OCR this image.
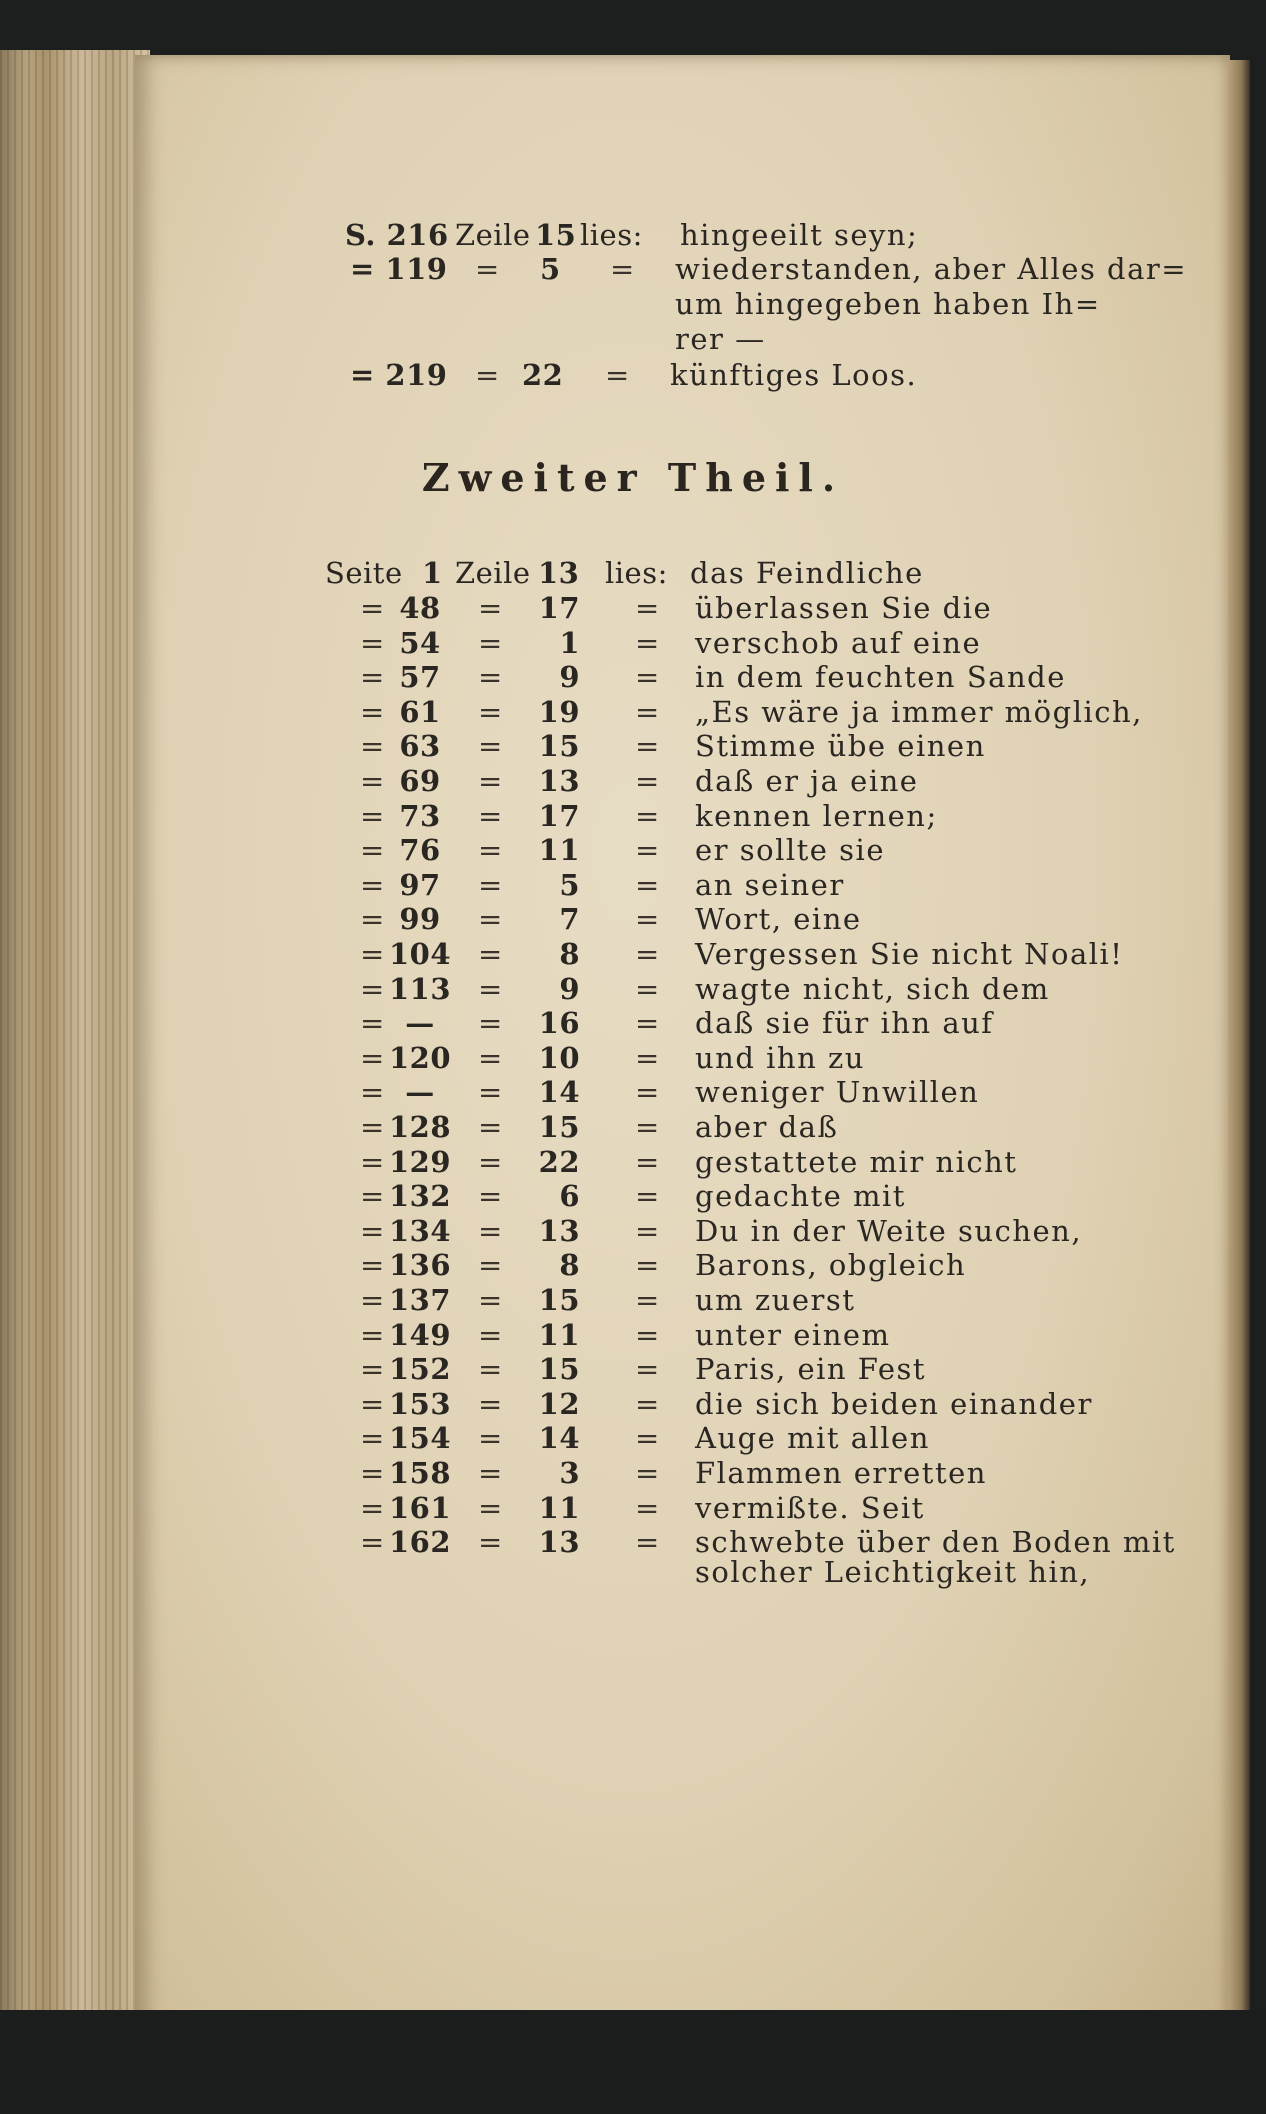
S. 216 Zeile 15 lies: hingeeilt seyn;
= 119 = 5 = wiederstanden, aber Alles dar=
um hingegeben haben Ih=
rer —
= 219 = 22 = künftiges Loos.
Zweiter Theil.
Seite 1 Zeile 13 lies: das Feindliche
= 48	=	17 = überlassen Sie die
= 54	=	1 = verschob auf eine
= 57	=	9 = in dem feuchten Sande
= 61	=	19 = „Es wäre ja immer möglich,
= 63	=	15 = Stimme übe einen
= 69	=	13 = daß er ja eine
= 73	=	17 = kennen lernen;
= 76	=	11 = er sollte sie
= 97	=	5 = an seiner
= 99	=	7 = Wort, eine
= 104 =	8 = Vergessen Sie nicht Noali!
= 113 =	9 = wagte nicht, sich dem
= —	=	16 = daß sie für ihn auf
= 120 =	10 = und ihn zu
= —	=	14 = weniger Unwillen
= 128 =	15 = aber daß
= 129 =	22 = gestattete mir nicht
= 132 =	6 = gedachte mit
= 134 =	13 = Du in der Weite suchen,
= 136 =	8 = Barons, obgleich
= 137 =	15 = um zuerst
= 149 =	11 = unter einem
= 152 =	15 = Paris, ein Fest
= 153 =	12 = die sich beiden einander
= 154 =	14 = Auge mit allen
= 158 =	3 = Flammen erretten
= 161 =	11 = vermißte. Seit
= 162 =	13 = schwebte über den Boden mit
solcher Leichtigkeit hin,
